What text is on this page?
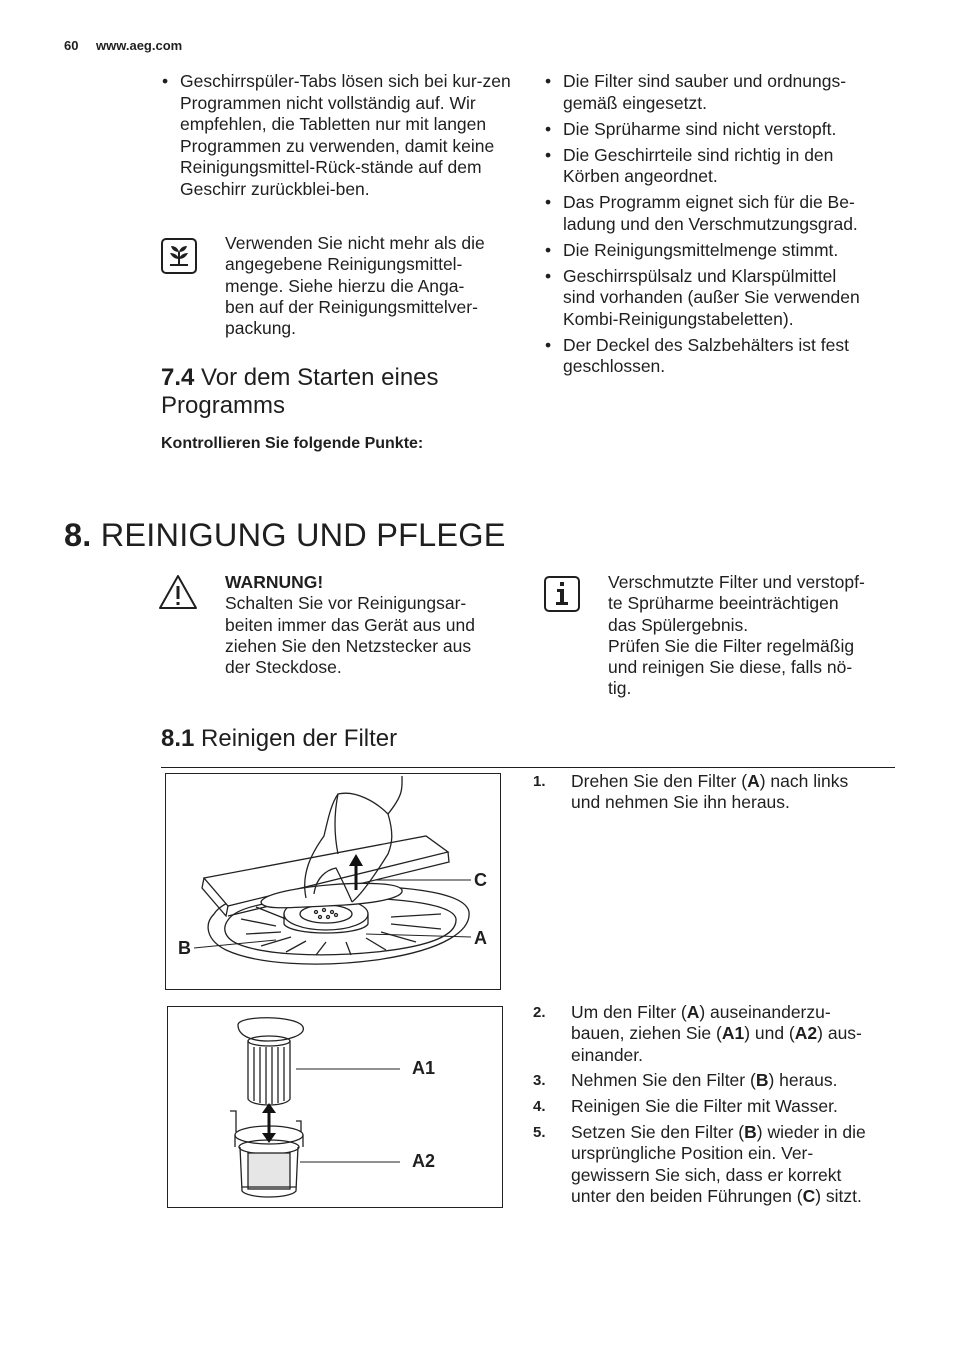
60 www.aeg.com
• Geschirrspüler-Tabs lösen sich bei kur-zen Programmen nicht vollständig auf. Wir empfehlen, die Tabletten nur mit langen Programmen zu verwenden, damit keine Reinigungsmittel-Rück-stände auf dem Geschirr zurückblei-ben.
Verwenden Sie nicht mehr als die
angegebene Reinigungsmittel-
menge. Siehe hierzu die Anga-
ben auf der Reinigungsmittelver-
packung.
7.4 Vor dem Starten eines
Programms
Kontrollieren Sie folgende Punkte:
• Die Filter sind sauber und ordnungs-
gemäß eingesetzt.
• Die Sprüharme sind nicht verstopft.
• Die Geschirrteile sind richtig in den
Körben angeordnet.
• Das Programm eignet sich für die Be-
ladung und den Verschmutzungsgrad.
• Die Reinigungsmittelmenge stimmt.
• Geschirrspülsalz und Klarspülmittel
sind vorhanden (außer Sie verwenden
Kombi-Reinigungstabeletten).
• Der Deckel des Salzbehälters ist fest
geschlossen.
8. REINIGUNG UND PFLEGE
WARNUNG!
Schalten Sie vor Reinigungsar-
beiten immer das Gerät aus und
ziehen Sie den Netzstecker aus
der Steckdose.
Verschmutzte Filter und verstopf-
te Sprüharme beeinträchtigen
das Spülergebnis.
Prüfen Sie die Filter regelmäßig
und reinigen Sie diese, falls nö-
tig.
8.1 Reinigen der Filter
C
A
B
A1
A2
1. Drehen Sie den Filter (A) nach links und nehmen Sie ihn heraus.
2. Um den Filter (A) auseinanderzu-bauen, ziehen Sie (A1) und (A2) aus-einander.
3. Nehmen Sie den Filter (B) heraus.
4. Reinigen Sie die Filter mit Wasser.
5. Setzen Sie den Filter (B) wieder in die ursprüngliche Position ein. Ver-gewissern Sie sich, dass er korrekt unter den beiden Führungen (C) sitzt.
